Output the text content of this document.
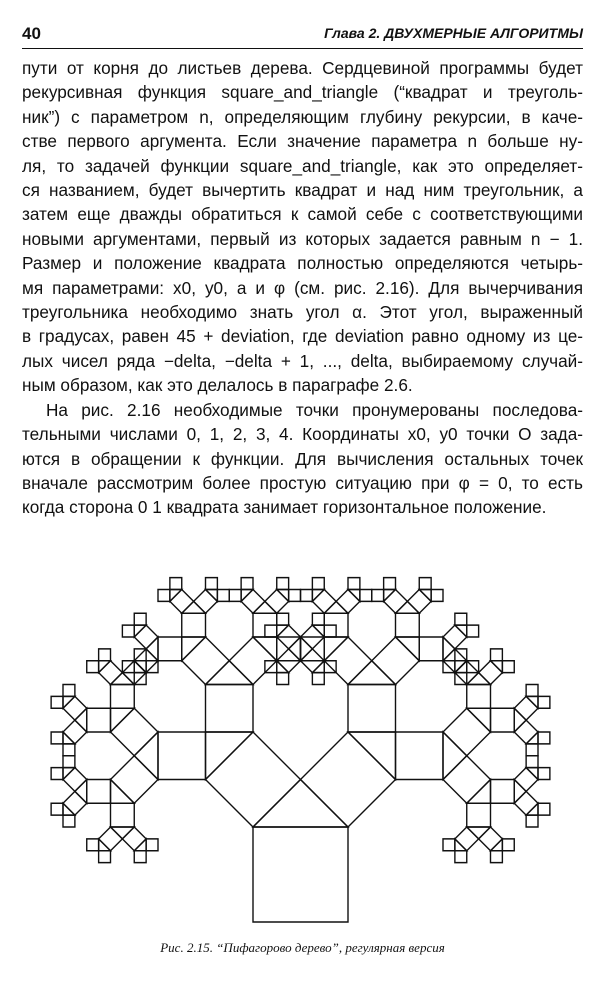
40	Глава 2. ДВУХМЕРНЫЕ АЛГОРИТМЫ

пути от корня до листьев дерева. Сердцевиной программы будет
рекурсивная функция square_and_triangle (“квадрат и треуголь-
ник”) с параметром n, определяющим глубину рекурсии, в каче-
стве первого аргумента. Если значение параметра n больше ну-
ля, то задачей функции square_and_triangle, как это определяет-
ся названием, будет вычертить квадрат и над ним треугольник, а
затем еще дважды обратиться к самой себе с соответствующими
новыми аргументами, первый из которых задается равным n − 1.
Размер и положение квадрата полностью определяются четырь-
мя параметрами: x0, y0, a и φ (см. рис. 2.16). Для вычерчивания
треугольника необходимо знать угол α. Этот угол, выраженный
в градусах, равен 45 + deviation, где deviation равно одному из це-
лых чисел ряда −delta, −delta + 1, ..., delta, выбираемому случай-
ным образом, как это делалось в параграфе 2.6.

На рис. 2.16 необходимые точки пронумерованы последова-
тельными числами 0, 1, 2, 3, 4. Координаты x0, y0 точки O зада-
ются в обращении к функции. Для вычисления остальных точек
вначале рассмотрим более простую ситуацию при φ = 0, то есть
когда сторона 0 1 квадрата занимает горизонтальное положение.

Рис. 2.15. “Пифагорово дерево”, регулярная версия
